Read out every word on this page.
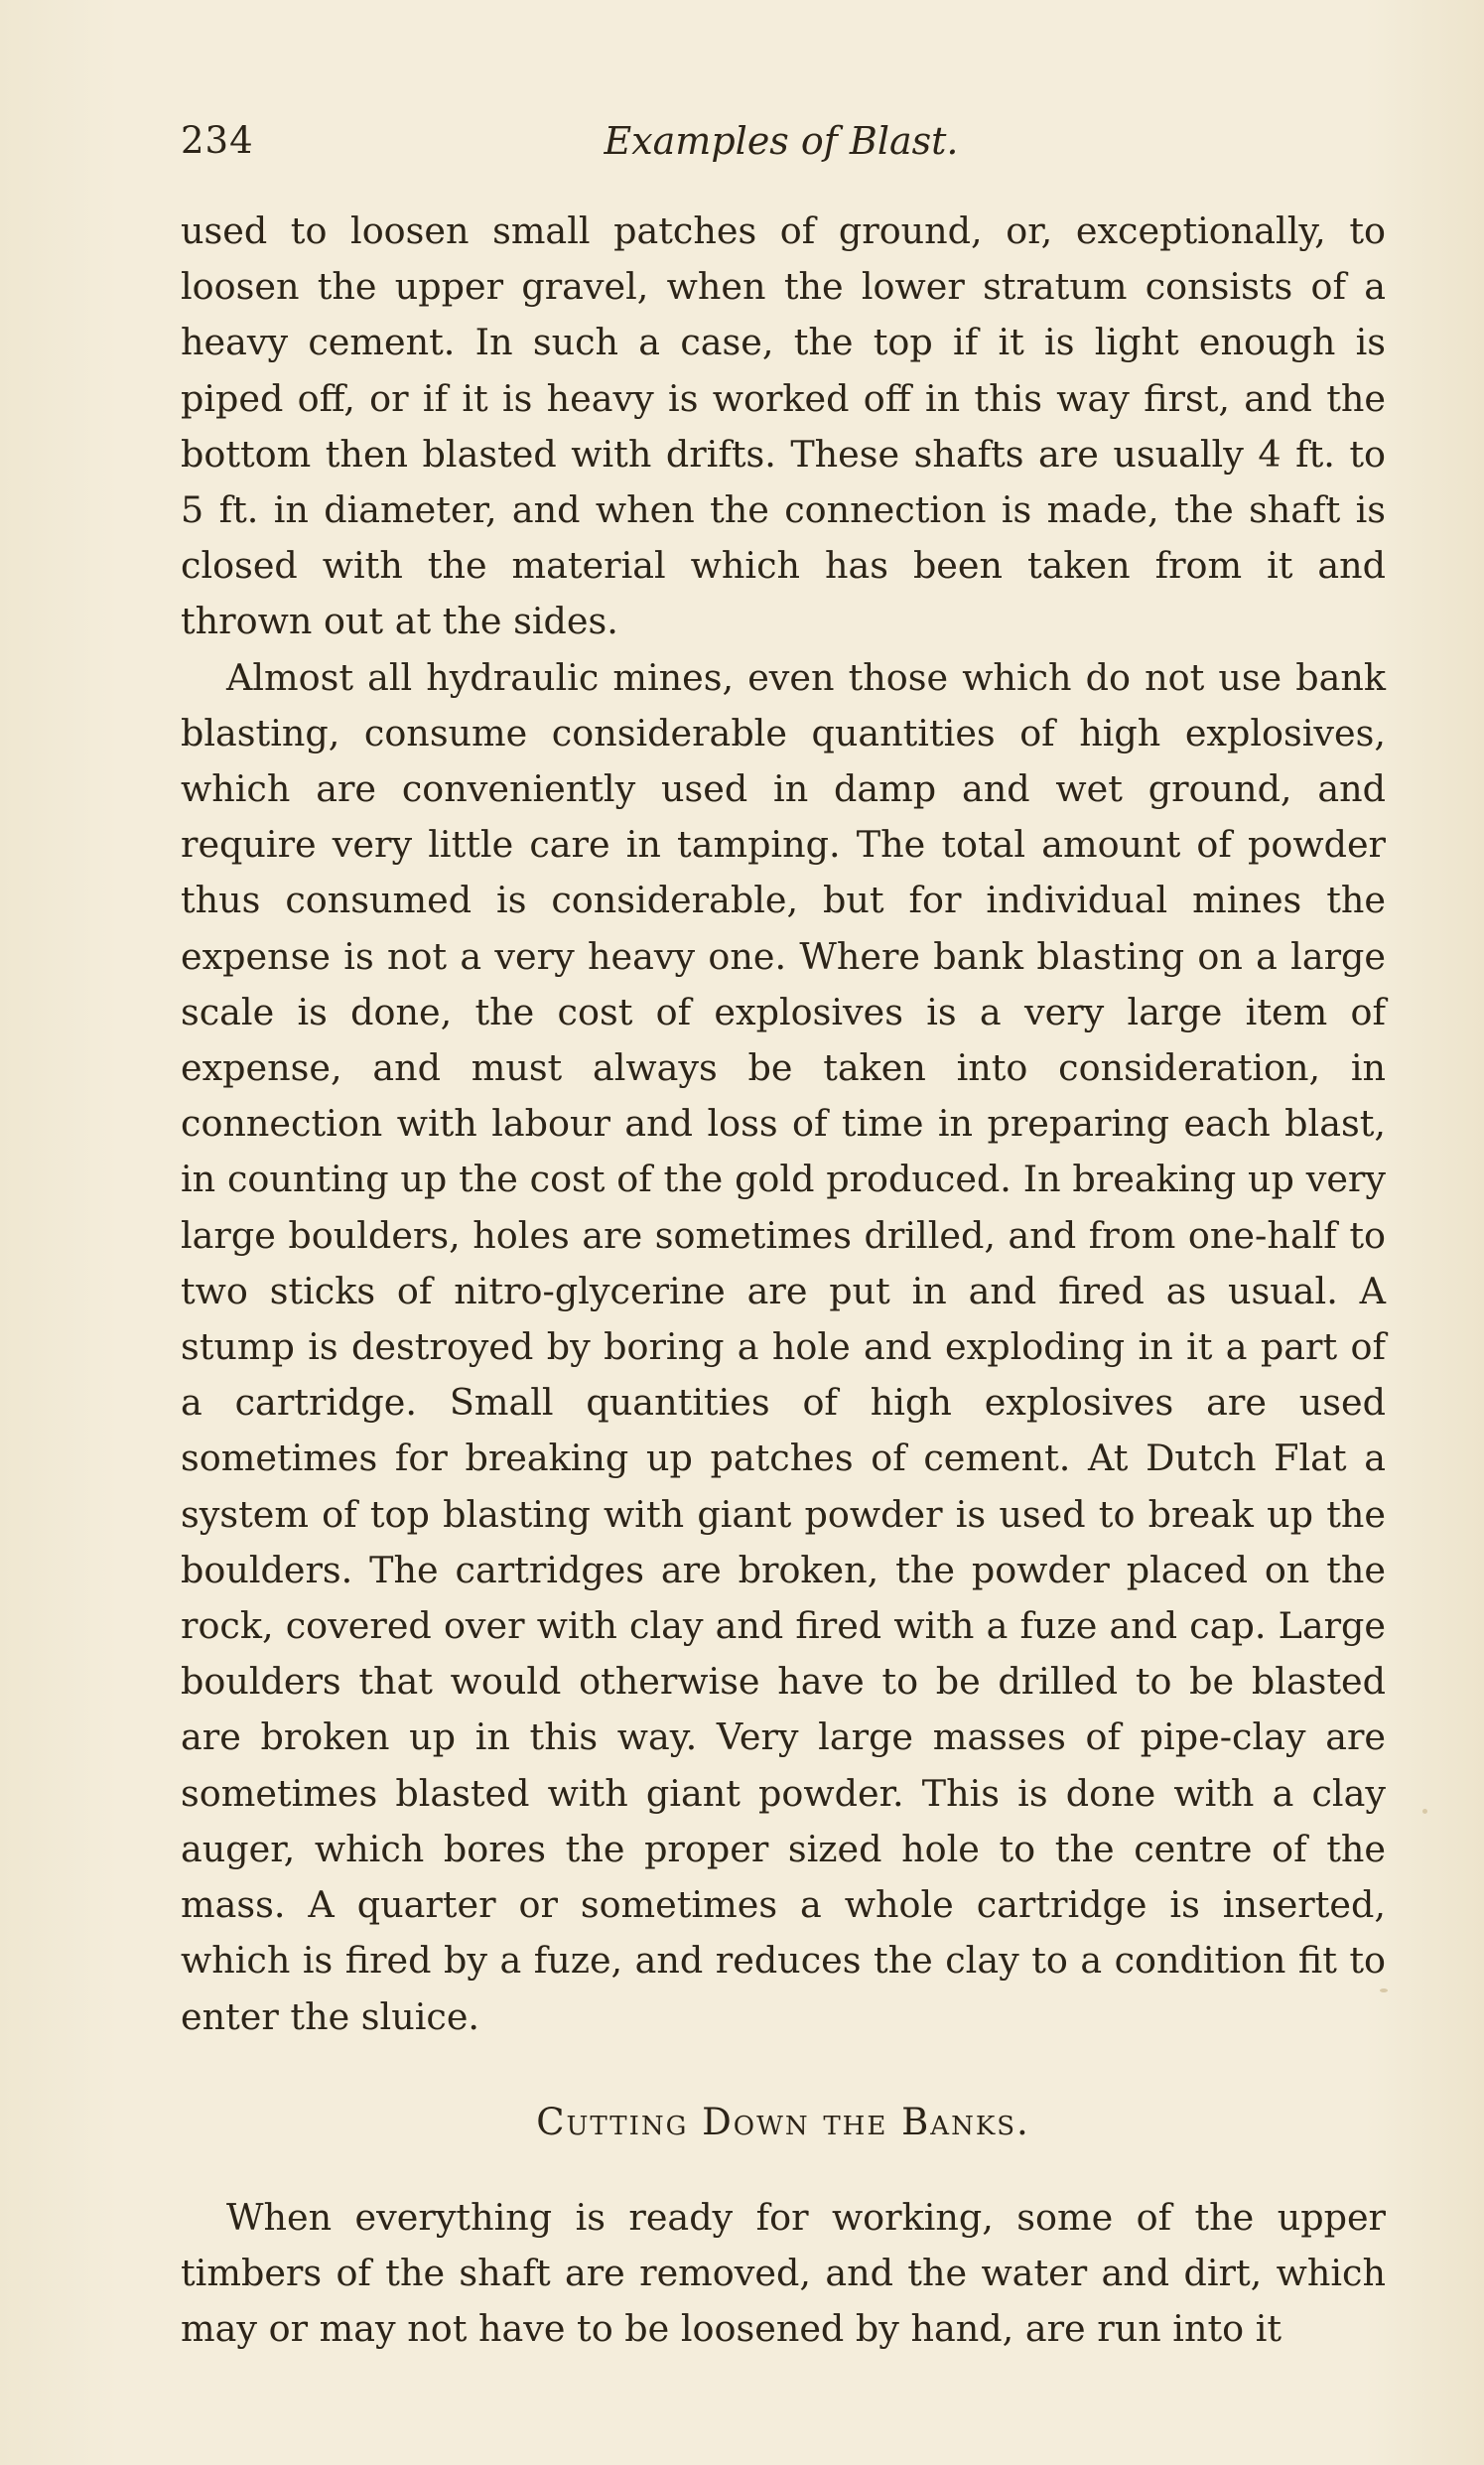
234	Examples of Blast.

used to loosen small patches of ground, or, exceptionally, to loosen the upper gravel, when the lower stratum consists of a heavy cement. In such a case, the top if it is light enough is piped off, or if it is heavy is worked off in this way first, and the bottom then blasted with drifts. These shafts are usually 4 ft. to 5 ft. in diameter, and when the connection is made, the shaft is closed with the material which has been taken from it and thrown out at the sides.

Almost all hydraulic mines, even those which do not use bank blasting, consume considerable quantities of high explosives, which are conveniently used in damp and wet ground, and require very little care in tamping. The total amount of powder thus consumed is considerable, but for individual mines the expense is not a very heavy one. Where bank blasting on a large scale is done, the cost of explosives is a very large item of expense, and must always be taken into consideration, in connection with labour and loss of time in preparing each blast, in counting up the cost of the gold produced. In breaking up very large boulders, holes are sometimes drilled, and from one-half to two sticks of nitro-glycerine are put in and fired as usual. A stump is destroyed by boring a hole and exploding in it a part of a cartridge. Small quantities of high explosives are used sometimes for breaking up patches of cement. At Dutch Flat a system of top blasting with giant powder is used to break up the boulders. The cartridges are broken, the powder placed on the rock, covered over with clay and fired with a fuze and cap. Large boulders that would otherwise have to be drilled to be blasted are broken up in this way. Very large masses of pipe-clay are sometimes blasted with giant powder. This is done with a clay auger, which bores the proper sized hole to the centre of the mass. A quarter or sometimes a whole cartridge is inserted, which is fired by a fuze, and reduces the clay to a condition fit to enter the sluice.

Cutting Down the Banks.

When everything is ready for working, some of the upper timbers of the shaft are removed, and the water and dirt, which may or may not have to be loosened by hand, are run into it
